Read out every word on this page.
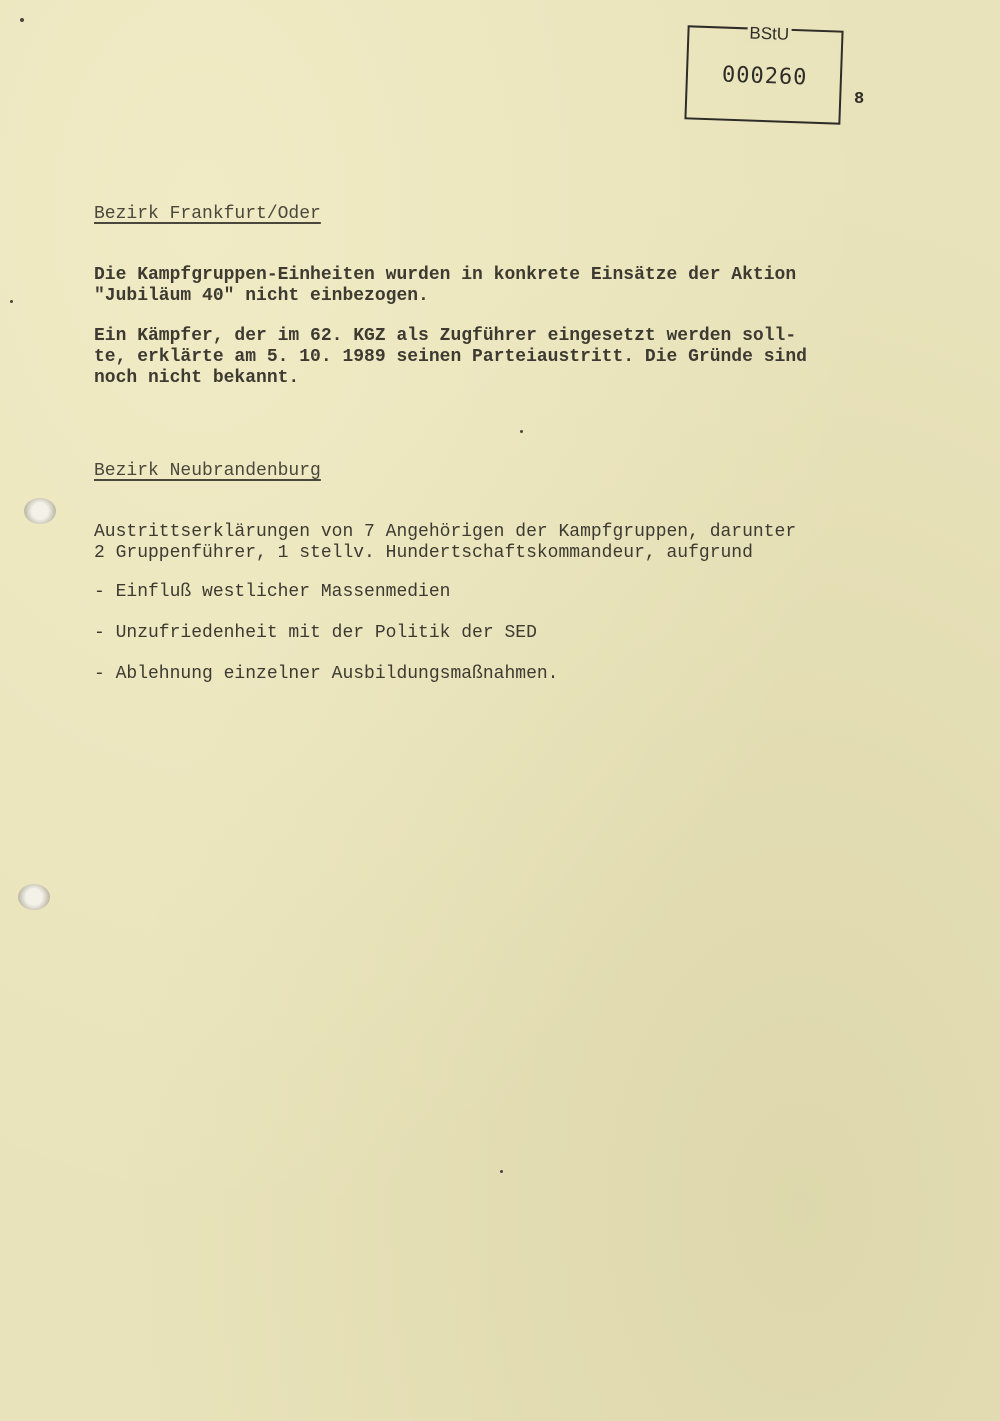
BStU
000260
8
Bezirk Frankfurt/Oder
Die Kampfgruppen-Einheiten wurden in konkrete Einsätze der Aktion
"Jubiläum 40" nicht einbezogen.
Ein Kämpfer, der im 62. KGZ als Zugführer eingesetzt werden soll-
te, erklärte am 5. 10. 1989 seinen Parteiaustritt. Die Gründe sind
noch nicht bekannt.
Bezirk Neubrandenburg
Austrittserklärungen von 7 Angehörigen der Kampfgruppen, darunter
2 Gruppenführer, 1 stellv. Hundertschaftskommandeur, aufgrund
- Einfluß westlicher Massenmedien
- Unzufriedenheit mit der Politik der SED
- Ablehnung einzelner Ausbildungsmaßnahmen.
